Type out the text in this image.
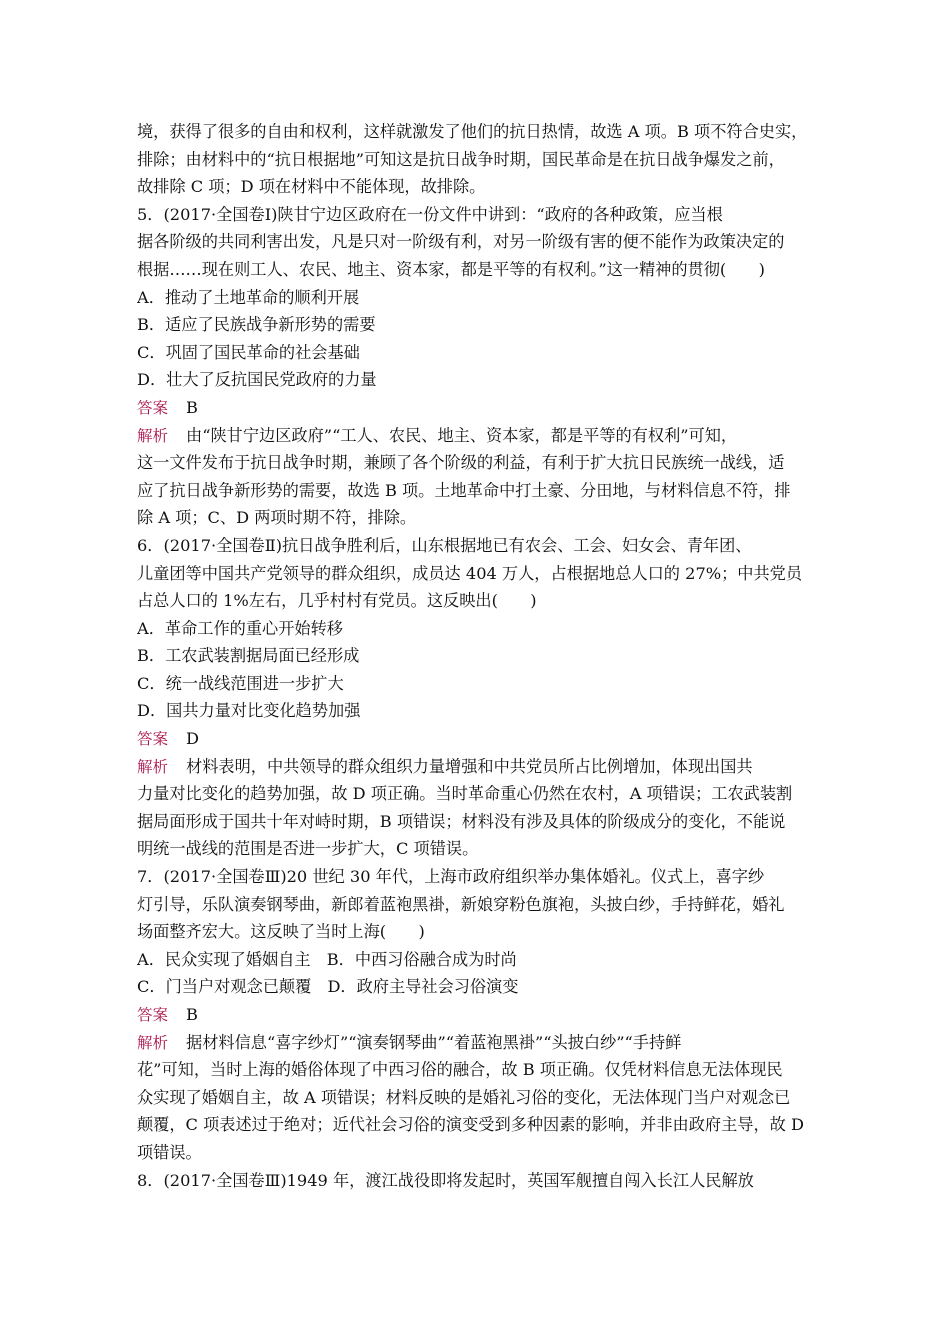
境，获得了很多的自由和权利，这样就激发了他们的抗日热情，故选 A 项。B 项不符合史实，

排除；由材料中的“抗日根据地”可知这是抗日战争时期，国民革命是在抗日战争爆发之前，

故排除 C 项；D 项在材料中不能体现，故排除。

5．(2017·全国卷Ⅰ)陕甘宁边区政府在一份文件中讲到：“政府的各种政策，应当根

据各阶级的共同利害出发，凡是只对一阶级有利，对另一阶级有害的便不能作为政策决定的

根据……现在则工人、农民、地主、资本家，都是平等的有权利。”这一精神的贯彻(　　)

A．推动了土地革命的顺利开展

B．适应了民族战争新形势的需要

C．巩固了国民革命的社会基础

D．壮大了反抗国民党政府的力量

答案 B

解析 由“陕甘宁边区政府”“工人、农民、地主、资本家，都是平等的有权利”可知，

这一文件发布于抗日战争时期，兼顾了各个阶级的利益，有利于扩大抗日民族统一战线，适

应了抗日战争新形势的需要，故选 B 项。土地革命中打土豪、分田地，与材料信息不符，排

除 A 项；C、D 两项时期不符，排除。

6．(2017·全国卷Ⅱ)抗日战争胜利后，山东根据地已有农会、工会、妇女会、青年团、

儿童团等中国共产党领导的群众组织，成员达 404 万人，占根据地总人口的 27%；中共党员

占总人口的 1%左右，几乎村村有党员。这反映出(　　)

A．革命工作的重心开始转移

B．工农武装割据局面已经形成

C．统一战线范围进一步扩大

D．国共力量对比变化趋势加强

答案 D

解析 材料表明，中共领导的群众组织力量增强和中共党员所占比例增加，体现出国共

力量对比变化的趋势加强，故 D 项正确。当时革命重心仍然在农村，A 项错误；工农武装割

据局面形成于国共十年对峙时期，B 项错误；材料没有涉及具体的阶级成分的变化，不能说

明统一战线的范围是否进一步扩大，C 项错误。

7．(2017·全国卷Ⅲ)20 世纪 30 年代，上海市政府组织举办集体婚礼。仪式上，喜字纱

灯引导，乐队演奏钢琴曲，新郎着蓝袍黑褂，新娘穿粉色旗袍，头披白纱，手持鲜花，婚礼

场面整齐宏大。这反映了当时上海(　　)

A．民众实现了婚姻自主　B．中西习俗融合成为时尚

C．门当户对观念已颠覆　D．政府主导社会习俗演变

答案 B

解析 据材料信息“喜字纱灯”“演奏钢琴曲”“着蓝袍黑褂”“头披白纱”“手持鲜

花”可知，当时上海的婚俗体现了中西习俗的融合，故 B 项正确。仅凭材料信息无法体现民

众实现了婚姻自主，故 A 项错误；材料反映的是婚礼习俗的变化，无法体现门当户对观念已

颠覆，C 项表述过于绝对；近代社会习俗的演变受到多种因素的影响，并非由政府主导，故 D

项错误。

8．(2017·全国卷Ⅲ)1949 年，渡江战役即将发起时，英国军舰擅自闯入长江人民解放
